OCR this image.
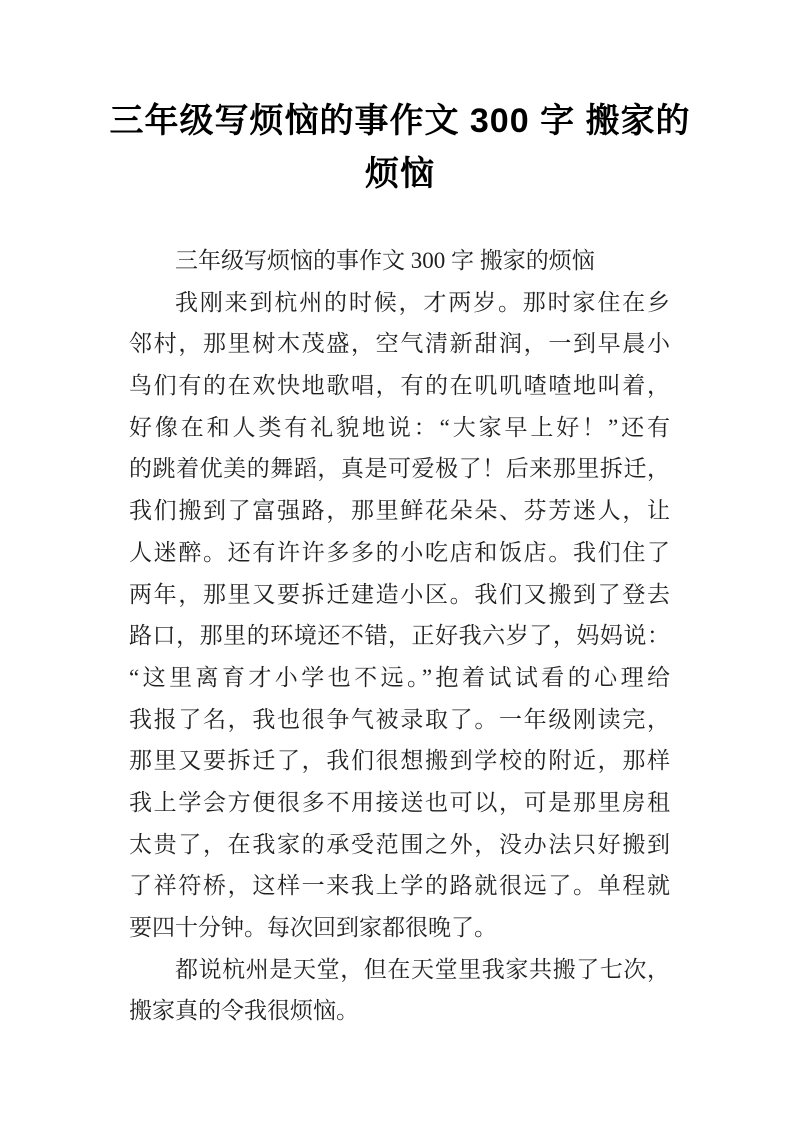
三年级写烦恼的事作文 300 字 搬家的
烦恼
三年级写烦恼的事作文 300 字 搬家的烦恼
我刚来到杭州的时候，才两岁。那时家住在乡
邻村，那里树木茂盛，空气清新甜润，一到早晨小
鸟们有的在欢快地歌唱，有的在叽叽喳喳地叫着，
好像在和人类有礼貌地说：“大家早上好！”还有
的跳着优美的舞蹈，真是可爱极了！后来那里拆迁，
我们搬到了富强路，那里鲜花朵朵、芬芳迷人，让
人迷醉。还有许许多多的小吃店和饭店。我们住了
两年，那里又要拆迁建造小区。我们又搬到了登去
路口，那里的环境还不错，正好我六岁了，妈妈说：
“这里离育才小学也不远。”抱着试试看的心理给
我报了名，我也很争气被录取了。一年级刚读完，
那里又要拆迁了，我们很想搬到学校的附近，那样
我上学会方便很多不用接送也可以，可是那里房租
太贵了，在我家的承受范围之外，没办法只好搬到
了祥符桥，这样一来我上学的路就很远了。单程就
要四十分钟。每次回到家都很晚了。
都说杭州是天堂，但在天堂里我家共搬了七次，
搬家真的令我很烦恼。
